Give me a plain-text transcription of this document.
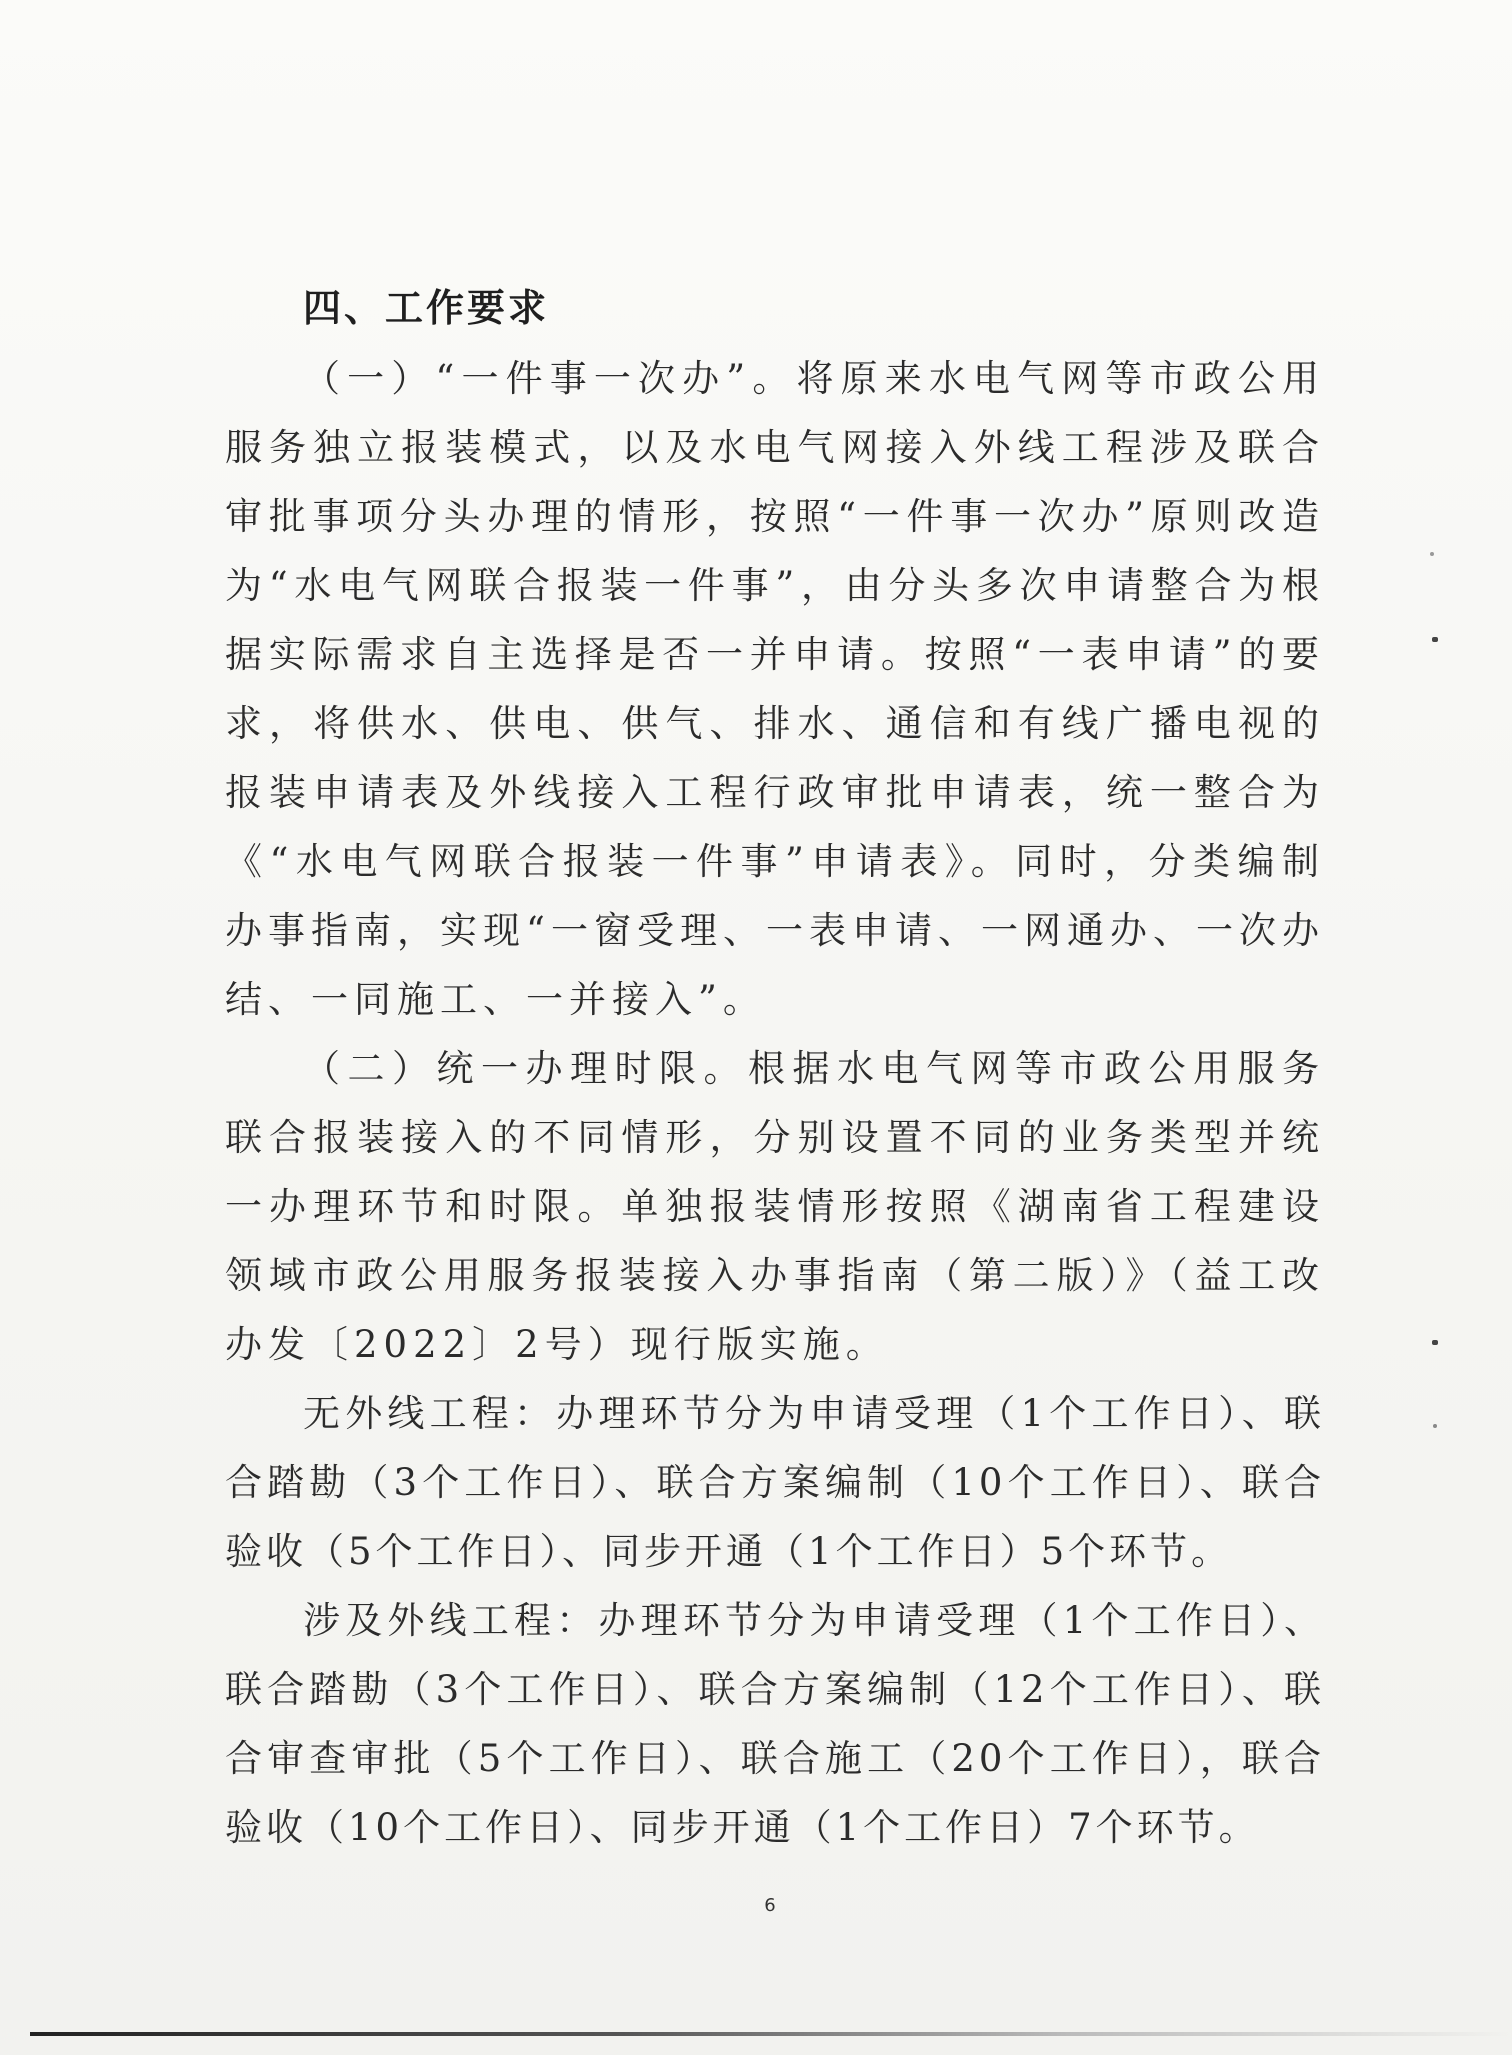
四、工作要求

（一）“一件事一次办”。将原来水电气网等市政公用服务独立报装模式，以及水电气网接入外线工程涉及联合审批事项分头办理的情形，按照“一件事一次办”原则改造为“水电气网联合报装一件事”，由分头多次申请整合为根据实际需求自主选择是否一并申请。按照“一表申请”的要求，将供水、供电、供气、排水、通信和有线广播电视的报装申请表及外线接入工程行政审批申请表，统一整合为《“水电气网联合报装一件事”申请表》。同时，分类编制办事指南，实现“一窗受理、一表申请、一网通办、一次办结、一同施工、一并接入”。

（二）统一办理时限。根据水电气网等市政公用服务联合报装接入的不同情形，分别设置不同的业务类型并统一办理环节和时限。单独报装情形按照《湖南省工程建设领域市政公用服务报装接入办事指南（第二版）》（益工改办发〔2022〕2号）现行版实施。

无外线工程：办理环节分为申请受理（1个工作日）、联合踏勘（3个工作日）、联合方案编制（10个工作日）、联合验收（5个工作日）、同步开通（1个工作日）5个环节。

涉及外线工程：办理环节分为申请受理（1个工作日）、联合踏勘（3个工作日）、联合方案编制（12个工作日）、联合审查审批（5个工作日）、联合施工（20个工作日），联合验收（10个工作日）、同步开通（1个工作日）7个环节。

6
